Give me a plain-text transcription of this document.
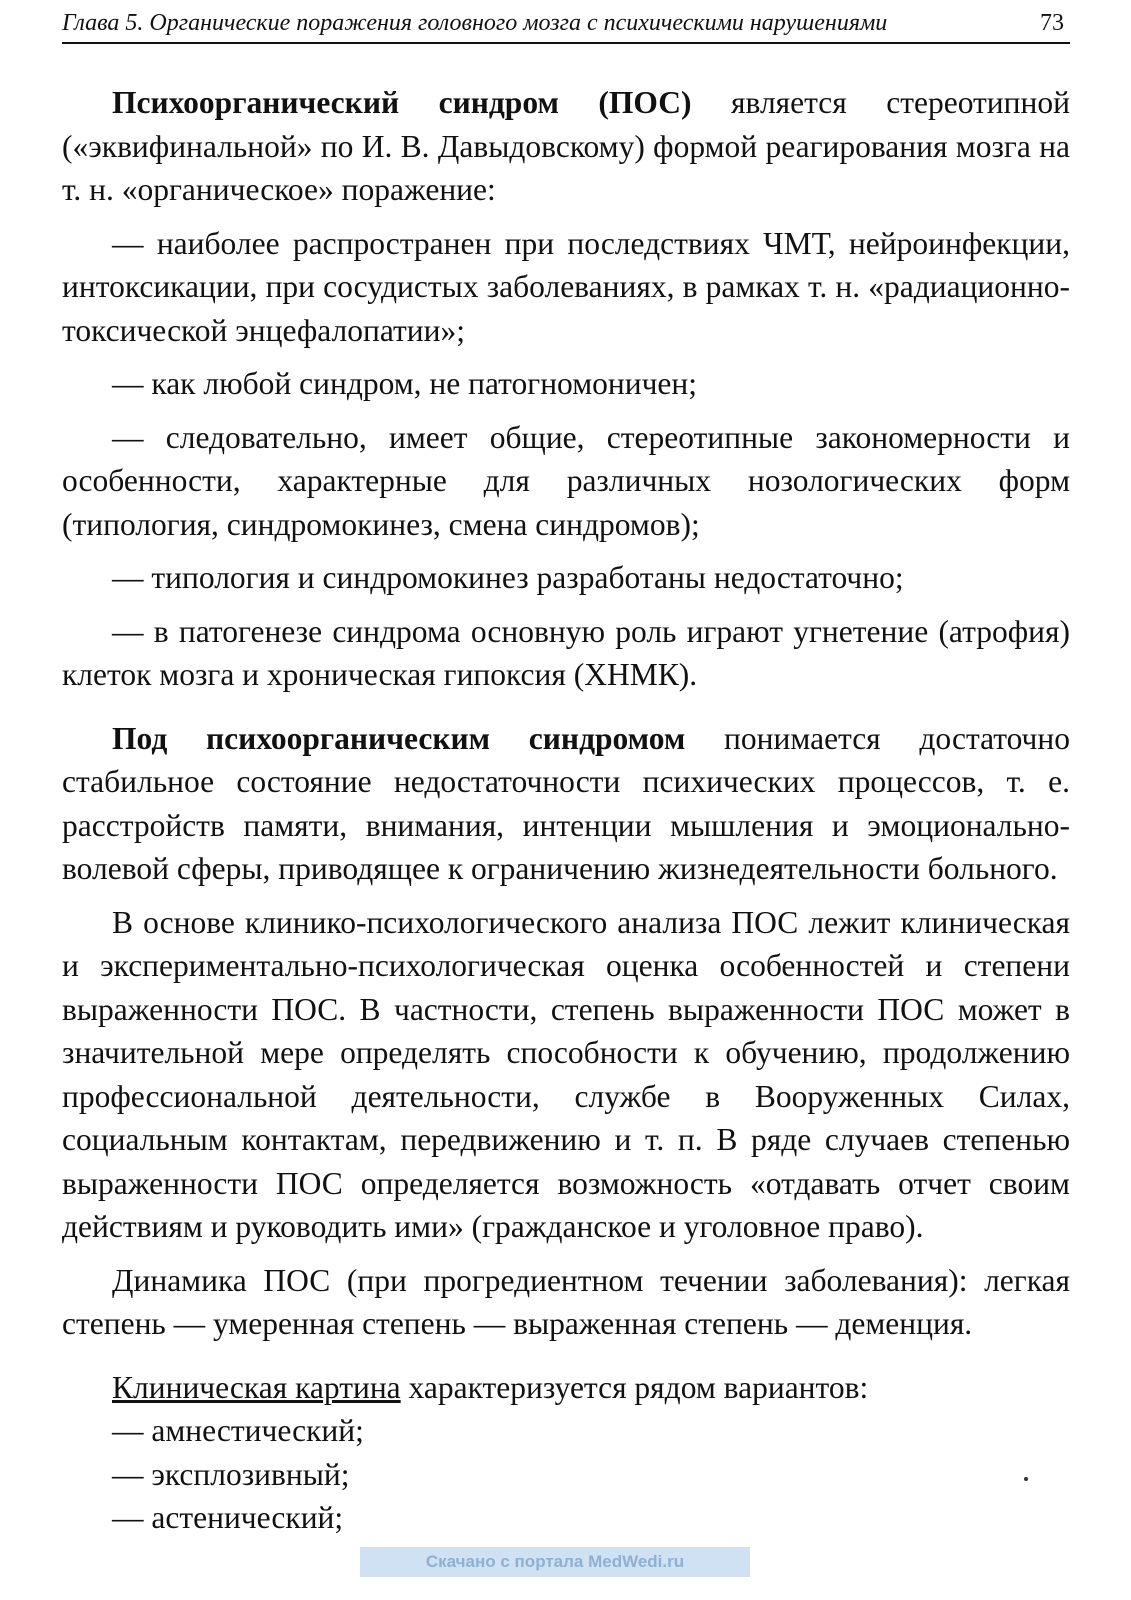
Глава 5. Органические поражения головного мозга с психическими нарушениями	73

Психоорганический синдром (ПОС) является стереотипной («эквифинальной» по И. В. Давыдовскому) формой реагирования мозга на т. н. «органическое» поражение:

— наиболее распространен при последствиях ЧМТ, нейроинфекции, интоксикации, при сосудистых заболеваниях, в рамках т. н. «радиационно-токсической энцефалопатии»;

— как любой синдром, не патогномоничен;

— следовательно, имеет общие, стереотипные закономерности и особенности, характерные для различных нозологических форм (типология, синдромокинез, смена синдромов);

— типология и синдромокинез разработаны недостаточно;

— в патогенезе синдрома основную роль играют угнетение (атрофия) клеток мозга и хроническая гипоксия (ХНМК).

Под психоорганическим синдромом понимается достаточно стабильное состояние недостаточности психических процессов, т. е. расстройств памяти, внимания, интенции мышления и эмоционально-волевой сферы, приводящее к ограничению жизнедеятельности больного.

В основе клинико-психологического анализа ПОС лежит клиническая и экспериментально-психологическая оценка особенностей и степени выраженности ПОС. В частности, степень выраженности ПОС может в значительной мере определять способности к обучению, продолжению профессиональной деятельности, службе в Вооруженных Силах, социальным контактам, передвижению и т. п. В ряде случаев степенью выраженности ПОС определяется возможность «отдавать отчет своим действиям и руководить ими» (гражданское и уголовное право).

Динамика ПОС (при прогредиентном течении заболевания): легкая степень — умеренная степень — выраженная степень — деменция.

Клиническая картина характеризуется рядом вариантов:

— амнестический;

— эксплозивный;

— астенический;

Скачано с портала MedWedi.ru
